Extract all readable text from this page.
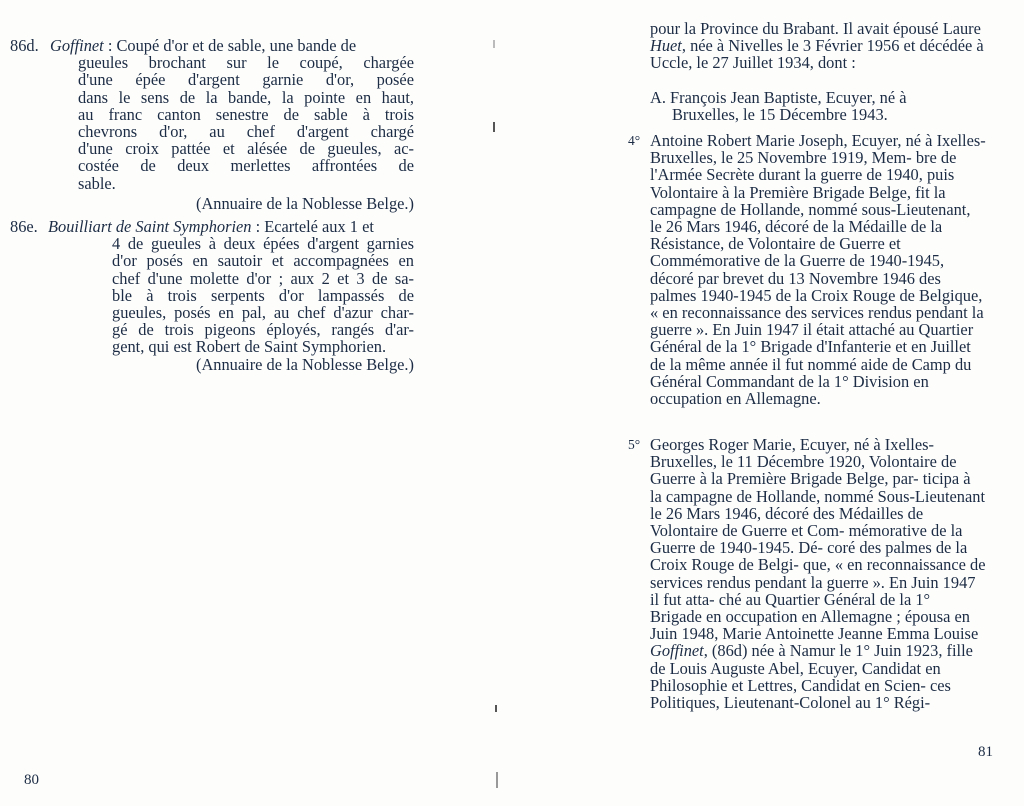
86d. Goffinet : Coupé d'or et de sable, une bande de
gueules brochant sur le coupé, chargée
d'une épée d'argent garnie d'or, posée
dans le sens de la bande, la pointe en haut,
au franc canton senestre de sable à trois
chevrons d'or, au chef d'argent chargé
d'une croix pattée et alésée de gueules, ac-
costée de deux merlettes affrontées de
sable.
(Annuaire de la Noblesse Belge.)
86e. Bouilliart de Saint Symphorien : Ecartelé aux 1 et
4 de gueules à deux épées d'argent garnies
d'or posés en sautoir et accompagnées en
chef d'une molette d'or ; aux 2 et 3 de sa-
ble à trois serpents d'or lampassés de
gueules, posés en pal, au chef d'azur char-
gé de trois pigeons éployés, rangés d'ar-
gent, qui est Robert de Saint Symphorien.
(Annuaire de la Noblesse Belge.)
80
pour la Province du Brabant. Il avait épousé Laure Huet, née à Nivelles le 3 Février 1956 et décédée à Uccle, le 27 Juillet 1934, dont :
A. François Jean Baptiste, Ecuyer, né à Bruxelles, le 15 Décembre 1943.
4° Antoine Robert Marie Joseph, Ecuyer, né à Ixelles-Bruxelles, le 25 Novembre 1919, Mem- bre de l'Armée Secrète durant la guerre de 1940, puis Volontaire à la Première Brigade Belge, fit la campagne de Hollande, nommé sous-Lieutenant, le 26 Mars 1946, décoré de la Médaille de la Résistance, de Volontaire de Guerre et Commémorative de la Guerre de 1940-1945, décoré par brevet du 13 Novembre 1946 des palmes 1940-1945 de la Croix Rouge de Belgique, « en reconnaissance des services rendus pendant la guerre ». En Juin 1947 il était attaché au Quartier Général de la 1° Brigade d'Infanterie et en Juillet de la même année il fut nommé aide de Camp du Général Commandant de la 1° Division en occupation en Allemagne.
5° Georges Roger Marie, Ecuyer, né à Ixelles- Bruxelles, le 11 Décembre 1920, Volontaire de Guerre à la Première Brigade Belge, par- ticipa à la campagne de Hollande, nommé Sous-Lieutenant le 26 Mars 1946, décoré des Médailles de Volontaire de Guerre et Com- mémorative de la Guerre de 1940-1945. Dé- coré des palmes de la Croix Rouge de Belgi- que, « en reconnaissance de services rendus pendant la guerre ». En Juin 1947 il fut atta- ché au Quartier Général de la 1° Brigade en occupation en Allemagne ; épousa en Juin 1948, Marie Antoinette Jeanne Emma Louise Goffinet, (86d) née à Namur le 1° Juin 1923, fille de Louis Auguste Abel, Ecuyer, Candidat en Philosophie et Lettres, Candidat en Scien- ces Politiques, Lieutenant-Colonel au 1° Régi-
81
